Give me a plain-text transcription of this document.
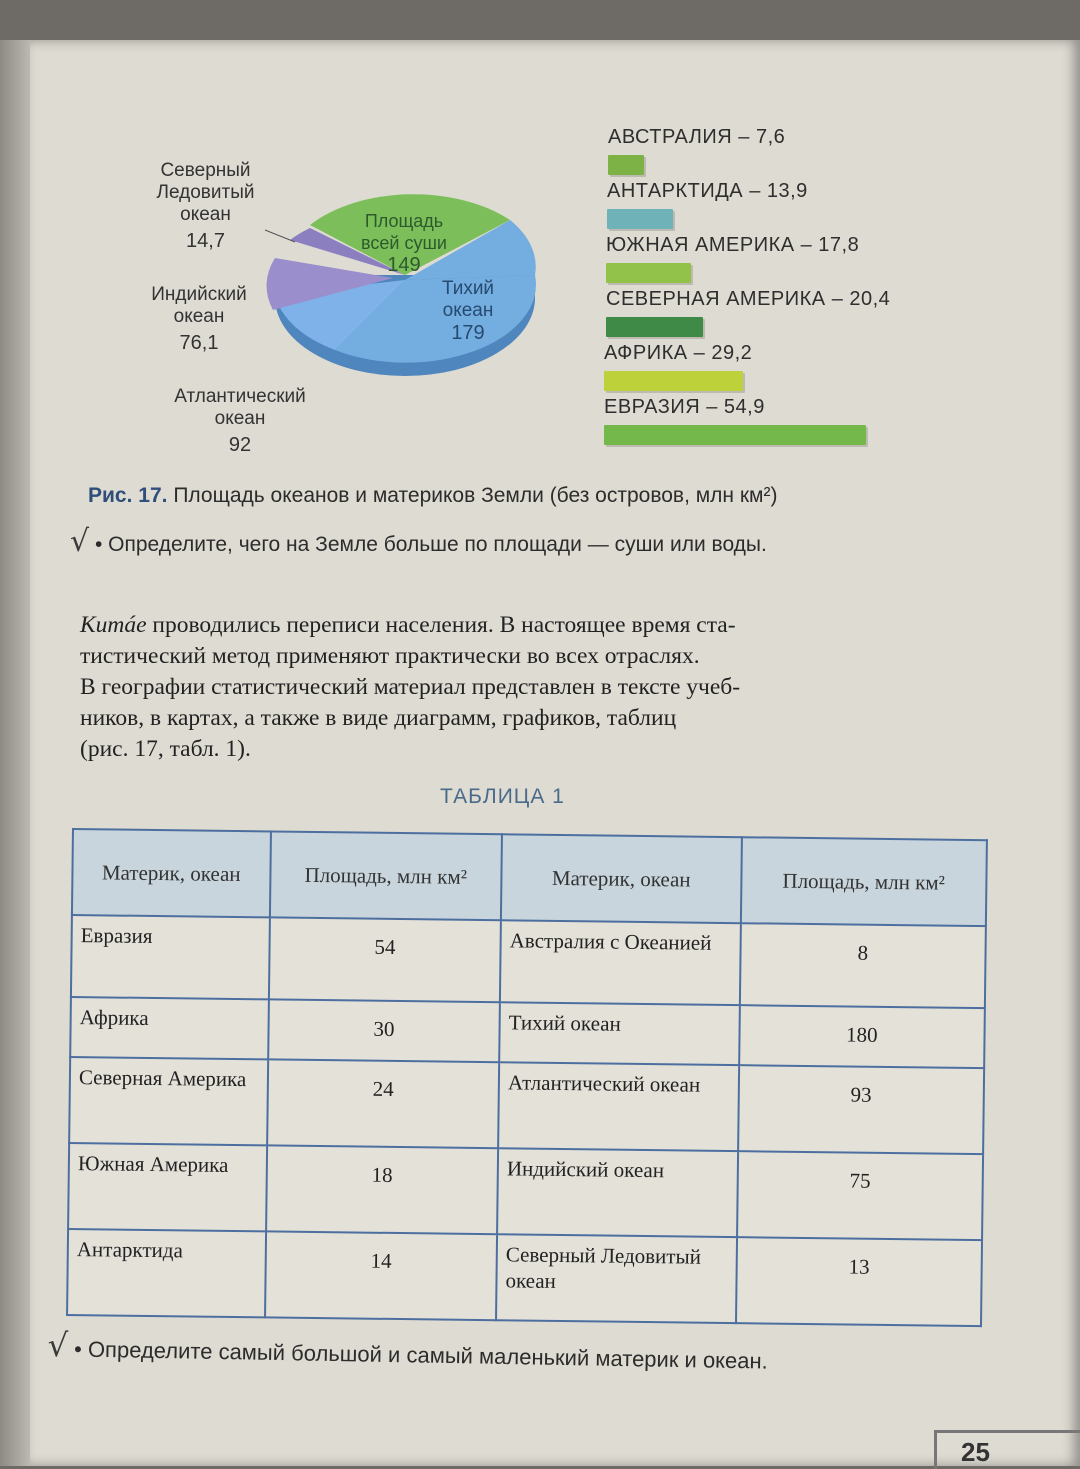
Северный Ледовитый океан
14,7
Индийский океан
76,1
Атлантический океан
92
Площадь всей суши
149
Тихий океан
179
АВСТРАЛИЯ – 7,6
АНТАРКТИДА – 13,9
ЮЖНАЯ АМЕРИКА – 17,8
СЕВЕРНАЯ АМЕРИКА – 20,4
АФРИКА – 29,2
ЕВРАЗИЯ – 54,9
Рис. 17. Площадь океанов и материков Земли (без островов, млн км²)
√ • Определите, чего на Земле больше по площади — суши или воды.

Китáе проводились переписи населения. В настоящее время ста-

тистический метод применяют практически во всех отраслях.

В географии статистический материал представлен в тексте учеб-

ников, в картах, а также в виде диаграмм, графиков, таблиц

(рис. 17, табл. 1).

ТАБЛИЦА 1
Материк, океан	Площадь, млн км²	Материк, океан	Площадь, млн км²
Евразия	54	Австралия с Океанией	8
Африка	30	Тихий океан	180
Северная Америка	24	Атлантический океан	93
Южная Америка	18	Индийский океан	75
Антарктида	14	Северный Ледовитый океан	13
√ • Определите самый большой и самый маленький материк и океан.
25
